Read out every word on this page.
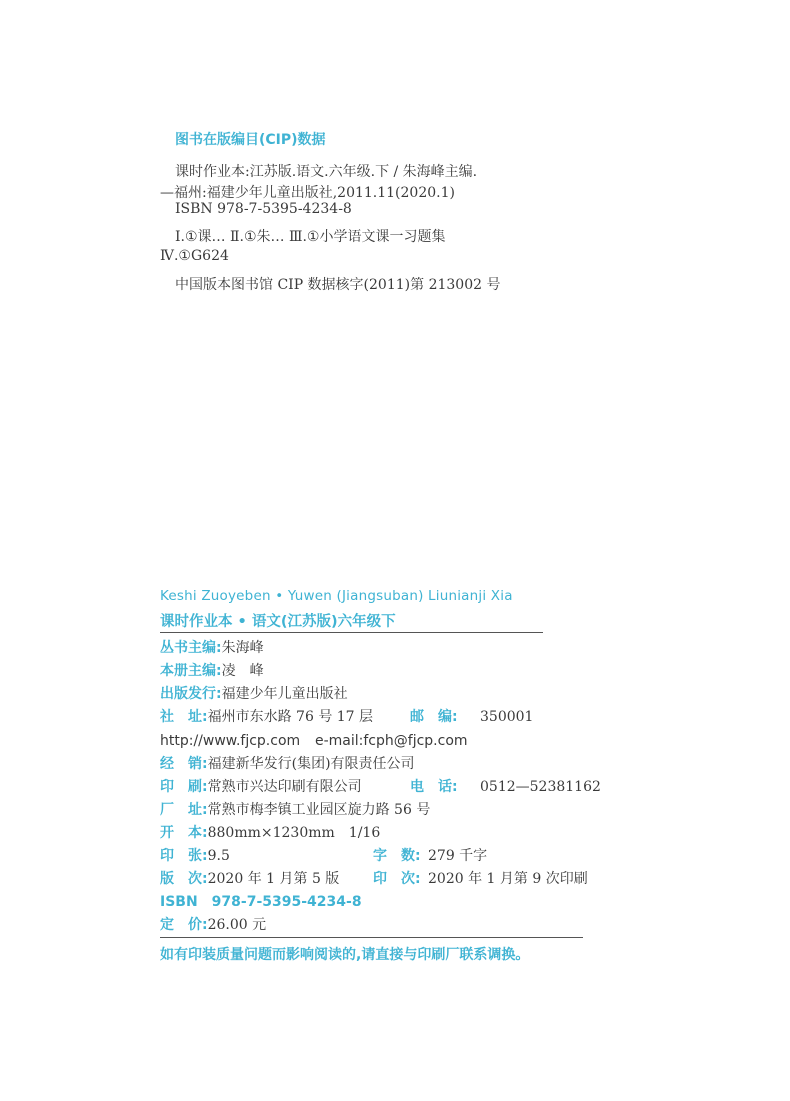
图书在版编目(CIP)数据
课时作业本:江苏版.语文.六年级.下 / 朱海峰主编.
—福州:福建少年儿童出版社,2011.11(2020.1)
ISBN 978-7-5395-4234-8
Ⅰ.①课… Ⅱ.①朱… Ⅲ.①小学语文课一习题集
Ⅳ.①G624
中国版本图书馆 CIP 数据核字(2011)第 213002 号
Keshi Zuoyeben • Yuwen (Jiangsuban) Liunianji Xia
课时作业本 • 语文(江苏版)六年级下
丛书主编:朱海峰
本册主编:凌　峰
出版发行:福建少年儿童出版社
社　址:福州市东水路 76 号 17 层	邮　编: 350001
http://www.fjcp.com e-mail:fcph@fjcp.com
经　销:福建新华发行(集团)有限责任公司
印　刷:常熟市兴达印刷有限公司	电　话: 0512—52381162
厂　址:常熟市梅李镇工业园区旋力路 56 号
开　本:880mm×1230mm　1/16
印　张:9.5	字　数: 279 千字
版　次:2020 年 1 月第 5 版 印　次: 2020 年 1 月第 9 次印刷
ISBN　978-7-5395-4234-8
定　价:26.00 元
如有印装质量问题而影响阅读的,请直接与印刷厂联系调换。
